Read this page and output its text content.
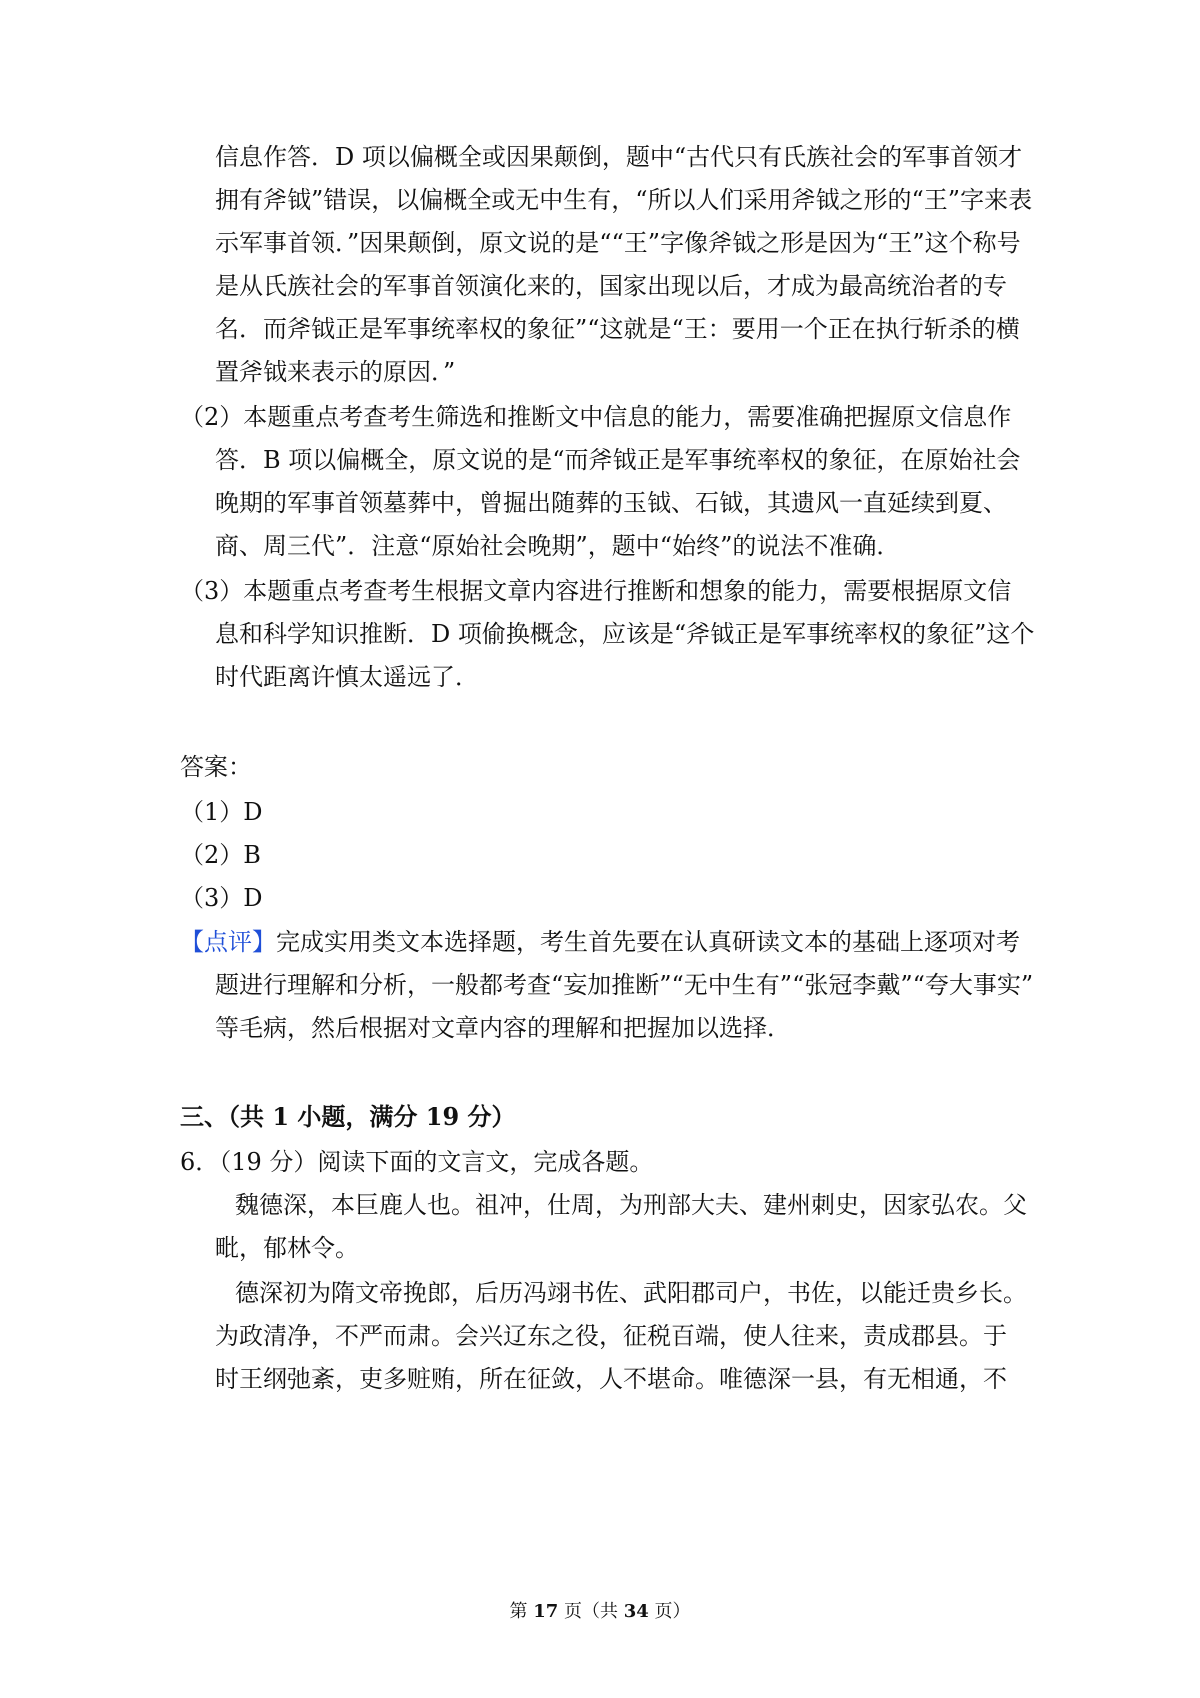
信息作答．D 项以偏概全或因果颠倒，题中“古代只有氏族社会的军事首领才
拥有斧钺”错误，以偏概全或无中生有，“所以人们采用斧钺之形的“王”字来表
示军事首领．”因果颠倒，原文说的是““王”字像斧钺之形是因为“王”这个称号
是从氏族社会的军事首领演化来的，国家出现以后，才成为最高统治者的专
名．而斧钺正是军事统率权的象征”“这就是“王：要用一个正在执行斩杀的横
置斧钺来表示的原因．”
（2）本题重点考查考生筛选和推断文中信息的能力，需要准确把握原文信息作
答．B 项以偏概全，原文说的是“而斧钺正是军事统率权的象征，在原始社会
晚期的军事首领墓葬中，曾掘出随葬的玉钺、石钺，其遗风一直延续到夏、
商、周三代”．注意“原始社会晚期”，题中“始终”的说法不准确．
（3）本题重点考查考生根据文章内容进行推断和想象的能力，需要根据原文信
息和科学知识推断．D 项偷换概念，应该是“斧钺正是军事统率权的象征”这个
时代距离许慎太遥远了．
答案：
（1）D
（2）B
（3）D
【点评】完成实用类文本选择题，考生首先要在认真研读文本的基础上逐项对考
题进行理解和分析，一般都考查“妄加推断”“无中生有”“张冠李戴”“夸大事实”
等毛病，然后根据对文章内容的理解和把握加以选择．
三、（共 1 小题，满分 19 分）
6．（19 分）阅读下面的文言文，完成各题。
魏德深，本巨鹿人也。祖冲，仕周，为刑部大夫、建州刺史，因家弘农。父
毗，郁林令。
德深初为隋文帝挽郎，后历冯翊书佐、武阳郡司户，书佐，以能迁贵乡长。
为政清净，不严而肃。会兴辽东之役，征税百端，使人往来，责成郡县。于
时王纲弛紊，吏多赃贿，所在征敛，人不堪命。唯德深一县，有无相通，不
第 17 页（共 34 页）
